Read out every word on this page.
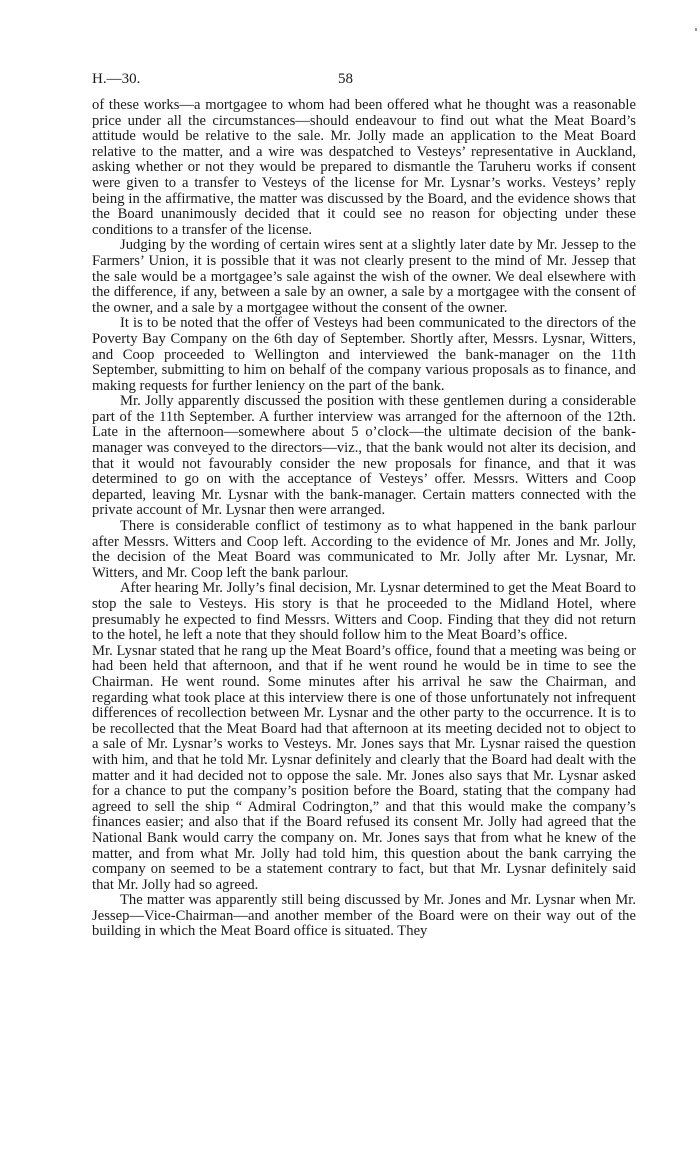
H.—30.	58

of these works—a mortgagee to whom had been offered what he thought was a reasonable price under all the circumstances—should endeavour to find out what the Meat Board’s attitude would be relative to the sale. Mr. Jolly made an application to the Meat Board relative to the matter, and a wire was despatched to Vesteys’ representative in Auckland, asking whether or not they would be prepared to dismantle the Taruheru works if consent were given to a transfer to Vesteys of the license for Mr. Lysnar’s works. Vesteys’ reply being in the affirmative, the matter was discussed by the Board, and the evidence shows that the Board unanimously decided that it could see no reason for objecting under these conditions to a transfer of the license.

Judging by the wording of certain wires sent at a slightly later date by Mr. Jessep to the Farmers’ Union, it is possible that it was not clearly present to the mind of Mr. Jessep that the sale would be a mortgagee’s sale against the wish of the owner. We deal elsewhere with the difference, if any, between a sale by an owner, a sale by a mortgagee with the consent of the owner, and a sale by a mortgagee without the consent of the owner.

It is to be noted that the offer of Vesteys had been communicated to the directors of the Poverty Bay Company on the 6th day of September. Shortly after, Messrs. Lysnar, Witters, and Coop proceeded to Wellington and interviewed the bank-manager on the 11th September, submitting to him on behalf of the company various proposals as to finance, and making requests for further leniency on the part of the bank.

Mr. Jolly apparently discussed the position with these gentlemen during a considerable part of the 11th September. A further interview was arranged for the afternoon of the 12th. Late in the afternoon—somewhere about 5 o’clock—the ultimate decision of the bank-manager was conveyed to the directors—viz., that the bank would not alter its decision, and that it would not favourably consider the new proposals for finance, and that it was determined to go on with the acceptance of Vesteys’ offer. Messrs. Witters and Coop departed, leaving Mr. Lysnar with the bank-manager. Certain matters connected with the private account of Mr. Lysnar then were arranged.

There is considerable conflict of testimony as to what happened in the bank parlour after Messrs. Witters and Coop left. According to the evidence of Mr. Jones and Mr. Jolly, the decision of the Meat Board was communicated to Mr. Jolly after Mr. Lysnar, Mr. Witters, and Mr. Coop left the bank parlour.

After hearing Mr. Jolly’s final decision, Mr. Lysnar determined to get the Meat Board to stop the sale to Vesteys. His story is that he proceeded to the Midland Hotel, where presumably he expected to find Messrs. Witters and Coop. Finding that they did not return to the hotel, he left a note that they should follow him to the Meat Board’s office.

Mr. Lysnar stated that he rang up the Meat Board’s office, found that a meeting was being or had been held that afternoon, and that if he went round he would be in time to see the Chairman. He went round. Some minutes after his arrival he saw the Chairman, and regarding what took place at this interview there is one of those unfortunately not infrequent differences of recollection between Mr. Lysnar and the other party to the occurrence. It is to be recollected that the Meat Board had that afternoon at its meeting decided not to object to a sale of Mr. Lysnar’s works to Vesteys. Mr. Jones says that Mr. Lysnar raised the question with him, and that he told Mr. Lysnar definitely and clearly that the Board had dealt with the matter and it had decided not to oppose the sale. Mr. Jones also says that Mr. Lysnar asked for a chance to put the company’s position before the Board, stating that the company had agreed to sell the ship “ Admiral Codrington,” and that this would make the company’s finances easier; and also that if the Board refused its consent Mr. Jolly had agreed that the National Bank would carry the company on. Mr. Jones says that from what he knew of the matter, and from what Mr. Jolly had told him, this question about the bank carrying the company on seemed to be a statement contrary to fact, but that Mr. Lysnar definitely said that Mr. Jolly had so agreed.

The matter was apparently still being discussed by Mr. Jones and Mr. Lysnar when Mr. Jessep—Vice-Chairman—and another member of the Board were on their way out of the building in which the Meat Board office is situated. They
